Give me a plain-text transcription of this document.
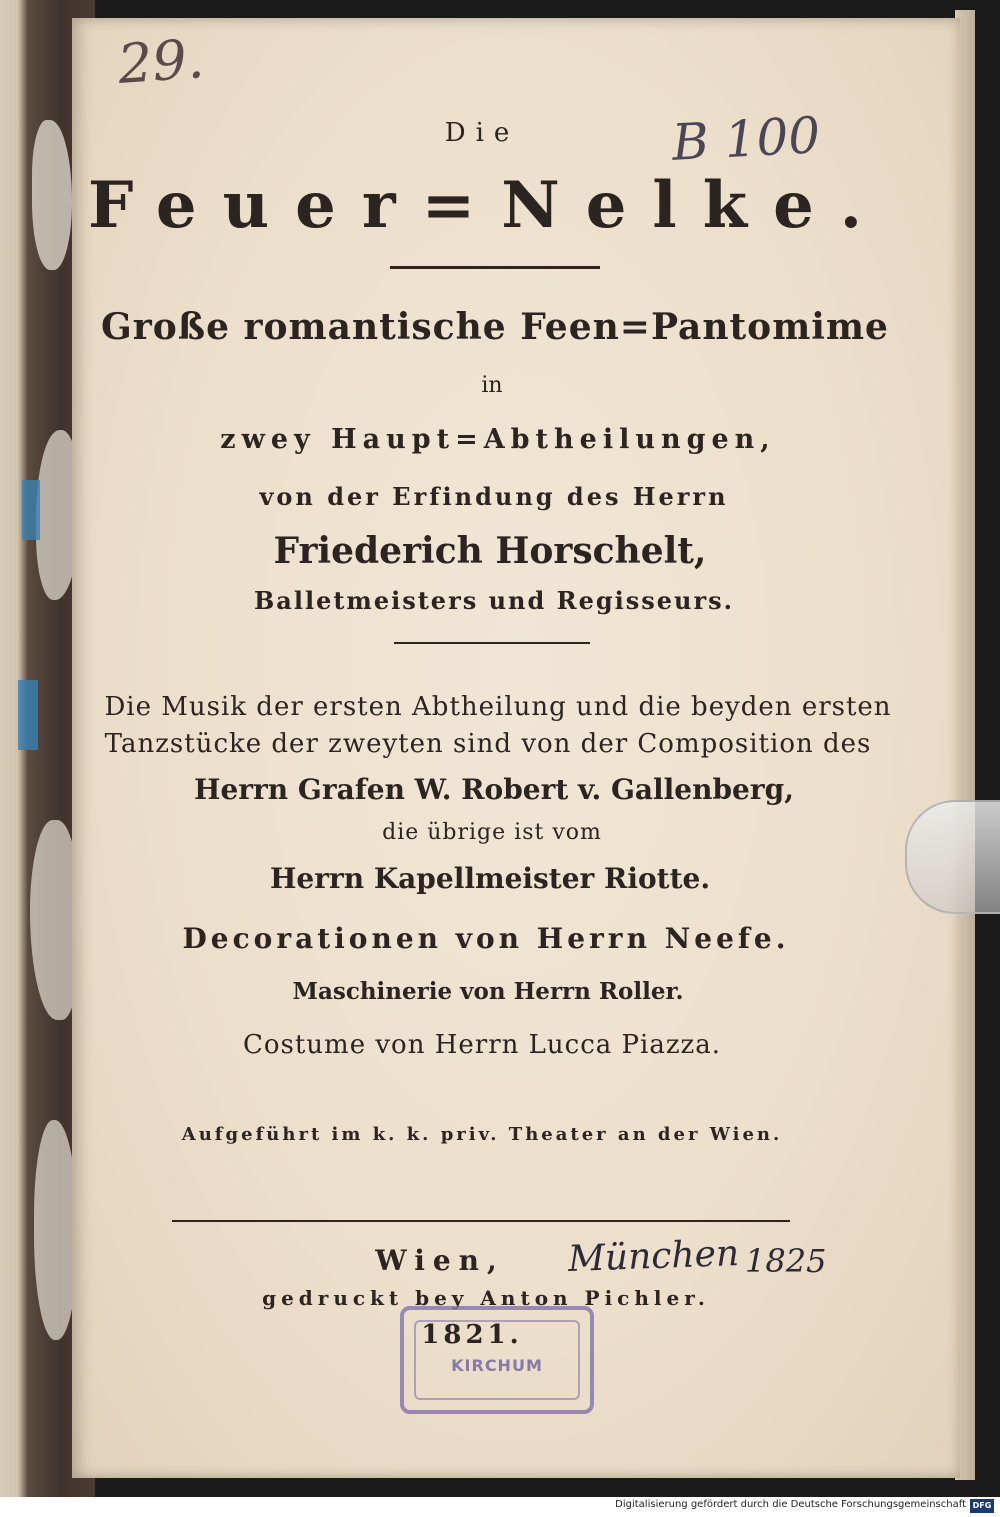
29.
B 100
Die
Feuer=Nelke.
Große romantische Feen=Pantomime
in
zwey Haupt=Abtheilungen,
von der Erfindung des Herrn
Friederich Horschelt,
Balletmeisters und Regisseurs.
Die Musik der ersten Abtheilung und die beyden ersten
Tanzstücke der zweyten sind von der Composition des
Herrn Grafen W. Robert v. Gallenberg,
die übrige ist vom
Herrn Kapellmeister Riotte.
Decorationen von Herrn Neefe.
Maschinerie von Herrn Roller.
Costume von Herrn Lucca Piazza.
Aufgeführt im k. k. priv. Theater an der Wien.
Wien,	München 1825
gedruckt bey Anton Pichler.
KIRCHUM
1821.
Digitalisierung gefördert durch die Deutsche Forschungsgemeinschaft DFG
